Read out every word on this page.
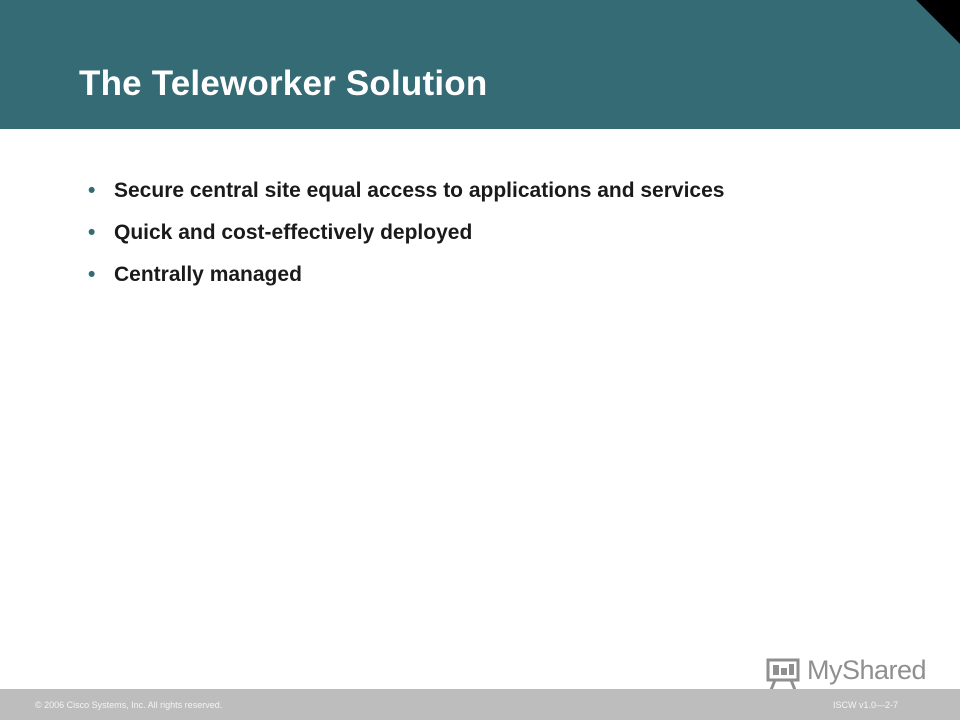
The Teleworker Solution
• Secure central site equal access to applications and services
• Quick and cost-effectively deployed
• Centrally managed
MyShared
© 2006 Cisco Systems, Inc. All rights reserved.	ISCW v1.0—2-7
